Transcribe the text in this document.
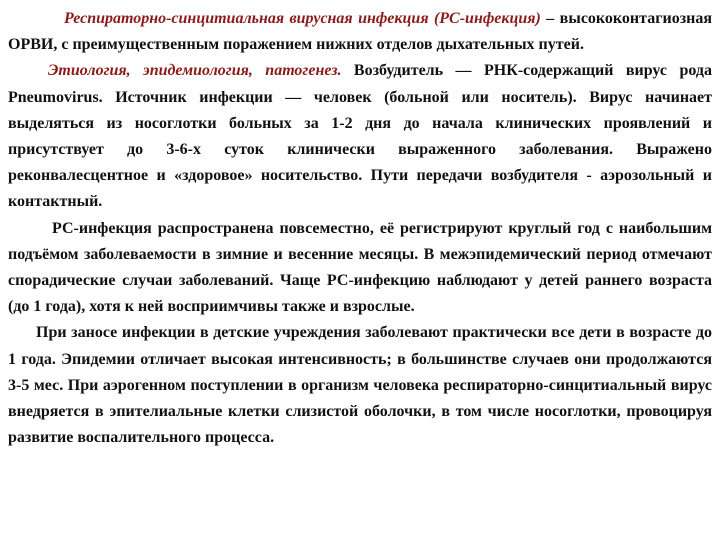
Респираторно-синцитиальная вирусная инфекция (РС-инфекция) – высококонтагиозная ОРВИ, с преимущественным поражением нижних отделов дыхательных путей.

Этиология, эпидемиология, патогенез. Возбудитель — РНК-содержащий вирус рода Pneumovirus. Источник инфекции — человек (больной или носитель). Вирус начинает выделяться из носоглотки больных за 1-2 дня до начала клинических проявлений и присутствует до 3-6-х суток клинически выраженного заболевания. Выражено реконвалесцентное и «здоровое» носительство. Пути передачи возбудителя - аэрозольный и контактный.

РС-инфекция распространена повсеместно, её регистрируют круглый год с наибольшим подъёмом заболеваемости в зимние и весенние месяцы. В межэпидемический период отмечают спорадические случаи заболеваний. Чаще РС-инфекцию наблюдают у детей раннего возраста (до 1 года), хотя к ней восприимчивы также и взрослые.

При заносе инфекции в детские учреждения заболевают практически все дети в возрасте до 1 года. Эпидемии отличает высокая интенсивность; в большинстве случаев они продолжаются 3-5 мес. При аэрогенном поступлении в организм человека респираторно-синцитиальный вирус внедряется в эпителиальные клетки слизистой оболочки, в том числе носоглотки, провоцируя развитие воспалительного процесса.
